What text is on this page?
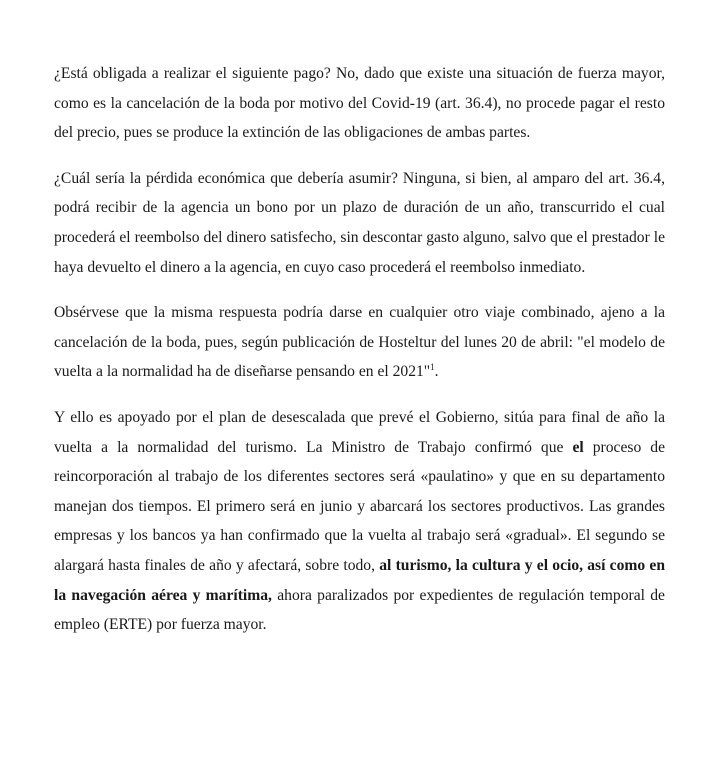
¿Está obligada a realizar el siguiente pago? No, dado que existe una situación de fuerza mayor, como es la cancelación de la boda por motivo del Covid-19 (art. 36.4), no procede pagar el resto del precio, pues se produce la extinción de las obligaciones de ambas partes.

¿Cuál sería la pérdida económica que debería asumir? Ninguna, si bien, al amparo del art. 36.4, podrá recibir de la agencia un bono por un plazo de duración de un año, transcurrido el cual procederá el reembolso del dinero satisfecho, sin descontar gasto alguno, salvo que el prestador le haya devuelto el dinero a la agencia, en cuyo caso procederá el reembolso inmediato.

Obsérvese que la misma respuesta podría darse en cualquier otro viaje combinado, ajeno a la cancelación de la boda, pues, según publicación de Hosteltur del lunes 20 de abril: "el modelo de vuelta a la normalidad ha de diseñarse pensando en el 2021"$^1$.

Y ello es apoyado por el plan de desescalada que prevé el Gobierno, sitúa para final de año la vuelta a la normalidad del turismo. La Ministro de Trabajo confirmó que el proceso de reincorporación al trabajo de los diferentes sectores será «paulatino» y que en su departamento manejan dos tiempos. El primero será en junio y abarcará los sectores productivos. Las grandes empresas y los bancos ya han confirmado que la vuelta al trabajo será «gradual». El segundo se alargará hasta finales de año y afectará, sobre todo, al turismo, la cultura y el ocio, así como en la navegación aérea y marítima, ahora paralizados por expedientes de regulación temporal de empleo (ERTE) por fuerza mayor.
